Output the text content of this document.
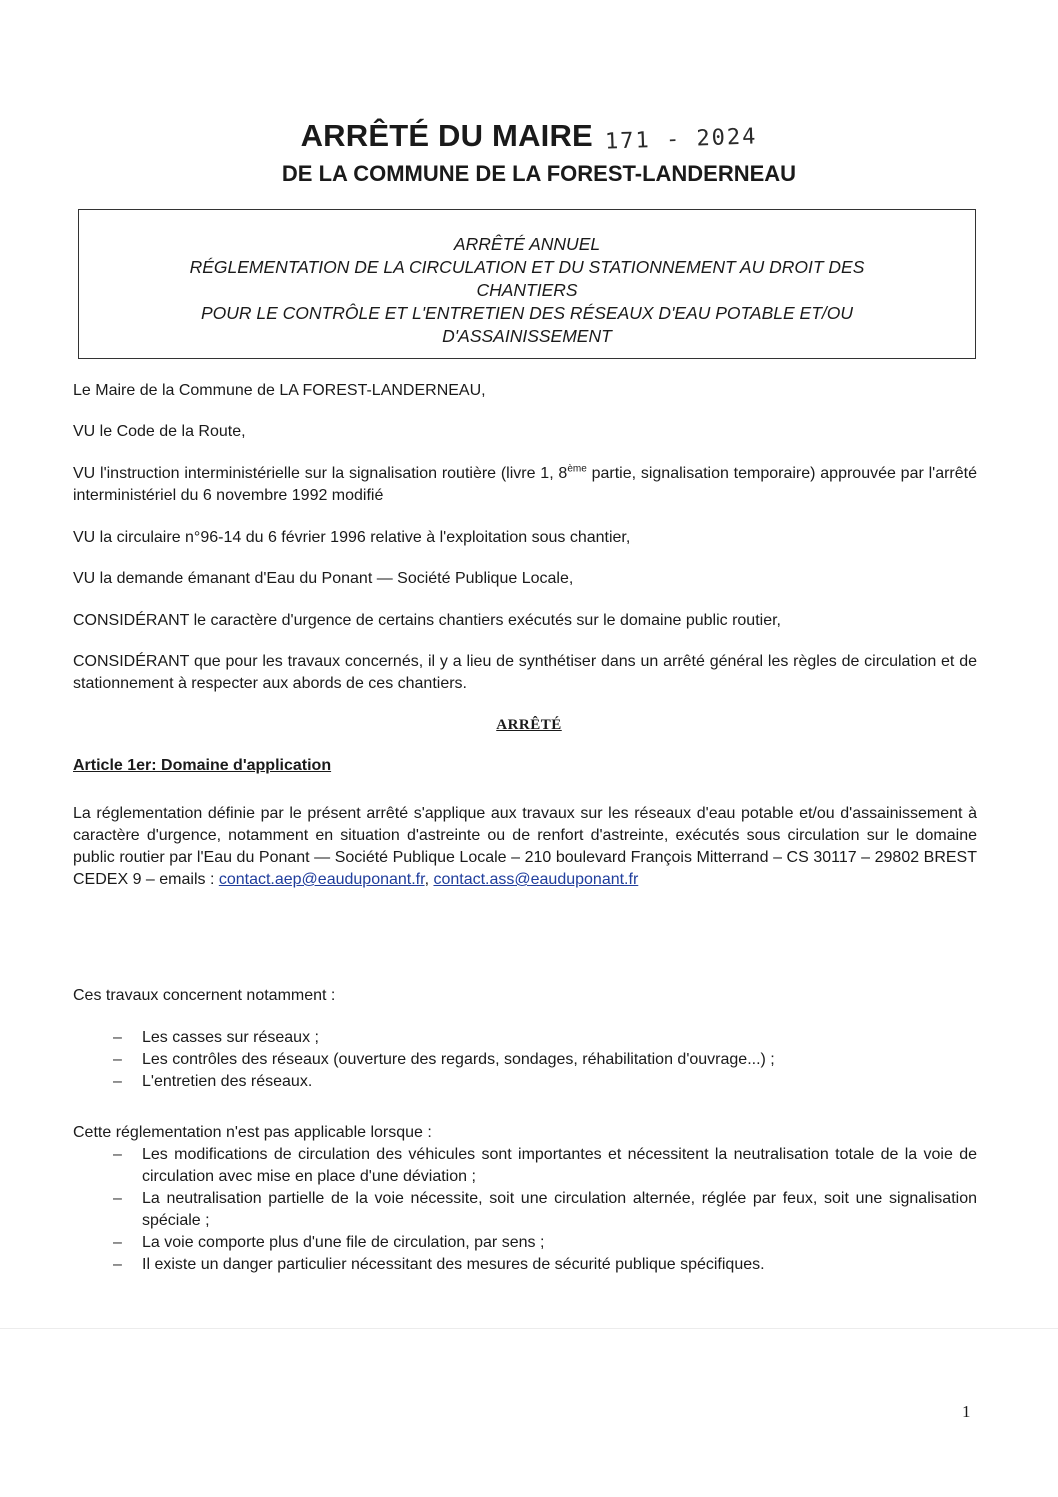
ARRÊTÉ DU MAIRE 171 - 2024
DE LA COMMUNE DE LA FOREST-LANDERNEAU
ARRÊTÉ ANNUEL
RÉGLEMENTATION DE LA CIRCULATION ET DU STATIONNEMENT AU DROIT DES
CHANTIERS
POUR LE CONTRÔLE ET L'ENTRETIEN DES RÉSEAUX D'EAU POTABLE ET/OU
D'ASSAINISSEMENT

Le Maire de la Commune de LA FOREST-LANDERNEAU,

VU le Code de la Route,

VU l'instruction interministérielle sur la signalisation routière (livre 1, 8ème partie, signalisation temporaire) approuvée par l'arrêté interministériel du 6 novembre 1992 modifié

VU la circulaire n°96-14 du 6 février 1996 relative à l'exploitation sous chantier,

VU la demande émanant d'Eau du Ponant — Société Publique Locale,

CONSIDÉRANT le caractère d'urgence de certains chantiers exécutés sur le domaine public routier,

CONSIDÉRANT que pour les travaux concernés, il y a lieu de synthétiser dans un arrêté général les règles de circulation et de stationnement à respecter aux abords de ces chantiers.

ARRÊTÉ
Article 1er: Domaine d'application

La réglementation définie par le présent arrêté s'applique aux travaux sur les réseaux d'eau potable et/ou d'assainissement à caractère d'urgence, notamment en situation d'astreinte ou de renfort d'astreinte, exécutés sous circulation sur le domaine public routier par l'Eau du Ponant — Société Publique Locale – 210 boulevard François Mitterrand – CS 30117 – 29802 BREST CEDEX 9 – emails : contact.aep@eauduponant.fr, contact.ass@eauduponant.fr

Ces travaux concernent notamment :

– Les casses sur réseaux ;
– Les contrôles des réseaux (ouverture des regards, sondages, réhabilitation d'ouvrage...) ;
– L'entretien des réseaux.

Cette réglementation n'est pas applicable lorsque :

– Les modifications de circulation des véhicules sont importantes et nécessitent la neutralisation totale de la voie de circulation avec mise en place d'une déviation ;
– La neutralisation partielle de la voie nécessite, soit une circulation alternée, réglée par feux, soit une signalisation spéciale ;
– La voie comporte plus d'une file de circulation, par sens ;
– Il existe un danger particulier nécessitant des mesures de sécurité publique spécifiques.
1
